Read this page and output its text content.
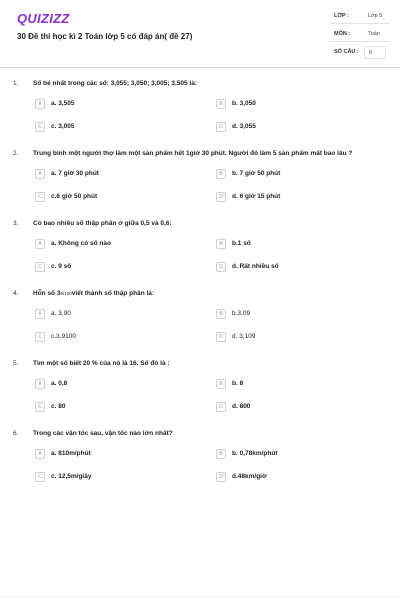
QUIZIZZ
30 Đề thi học kì 2 Toán lớp 5 có đáp án( đề 27)
LỚP :	Lớp 5
MÔN :	Toán
SỐ CÂU :	6
1. Số bé nhất trong các số: 3,055; 3,050; 3,005; 3,505 là:
A	a. 3,505	B	b. 3,050
C	c. 3,005	D	d. 3,055
2. Trung bình một người thợ làm một sản phẩm hết 1giờ 30 phút. Người đó làm 5 sản phẩm mất bao lâu ?
A	a. 7 giờ 30 phút	B	b. 7 giờ 50 phút
C	c.6 giờ 50 phút	D	d. 6 giờ 15 phút
3. Có bao nhiêu số thập phân ở giữa 0,5 và 0,6:
A	a. Không có số nào	B	b.1 số
C	c. 9 số	D	d. Rất nhiều số
4. Hỗn số 39/100viết thành số thập phân là:
A	a. 3,90	B	b.3,09
C	c.3,9100	D	d. 3,109
5. Tìm một số biết 20 % của nó là 16. Số đó là :
A	a. 0,8	B	b. 8
C	c. 80	D	d. 800
6. Trong các vận tốc sau, vận tốc nào lớn nhất?
A	a. 810m/phút	B	b. 0,78km/phút
C	c. 12,5m/giây	D	d.48km/giờ
